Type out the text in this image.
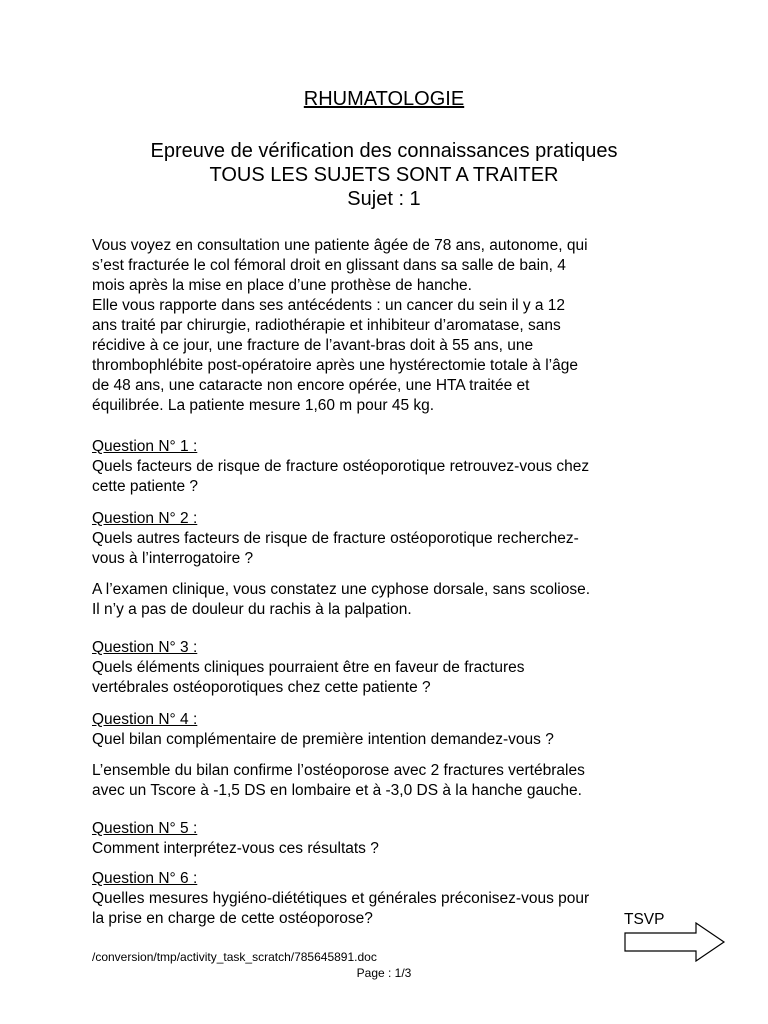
RHUMATOLOGIE

Epreuve de vérification des connaissances pratiques

TOUS LES SUJETS SONT A TRAITER

Sujet : 1

Vous voyez en consultation une patiente âgée de 78 ans, autonome, qui
s’est fracturée le col fémoral droit en glissant dans sa salle de bain, 4
mois après la mise en place d’une prothèse de hanche.
Elle vous rapporte dans ses antécédents : un cancer du sein il y a 12
ans traité par chirurgie, radiothérapie et inhibiteur d’aromatase, sans
récidive à ce jour, une fracture de l’avant-bras doit à 55 ans, une
thrombophlébite post-opératoire après une hystérectomie totale à l’âge
de 48 ans, une cataracte non encore opérée, une HTA traitée et
équilibrée. La patiente mesure 1,60 m pour 45 kg.
Question N° 1 :
Quels facteurs de risque de fracture ostéoporotique retrouvez-vous chez
cette patiente ?
Question N° 2 :
Quels autres facteurs de risque de fracture ostéoporotique recherchez-
vous à l’interrogatoire ?
A l’examen clinique, vous constatez une cyphose dorsale, sans scoliose.
Il n’y a pas de douleur du rachis à la palpation.
Question N° 3 :
Quels éléments cliniques pourraient être en faveur de fractures
vertébrales ostéoporotiques chez cette patiente ?
Question N° 4 :
Quel bilan complémentaire de première intention demandez-vous ?
L’ensemble du bilan confirme l’ostéoporose avec 2 fractures vertébrales
avec un Tscore à -1,5 DS en lombaire et à -3,0 DS à la hanche gauche.
Question N° 5 :
Comment interprétez-vous ces résultats ?
Question N° 6 :
Quelles mesures hygiéno-diététiques et générales préconisez-vous pour
la prise en charge de cette ostéoporose?	TSVP
/conversion/tmp/activity_task_scratch/785645891.doc
Page : 1/3
